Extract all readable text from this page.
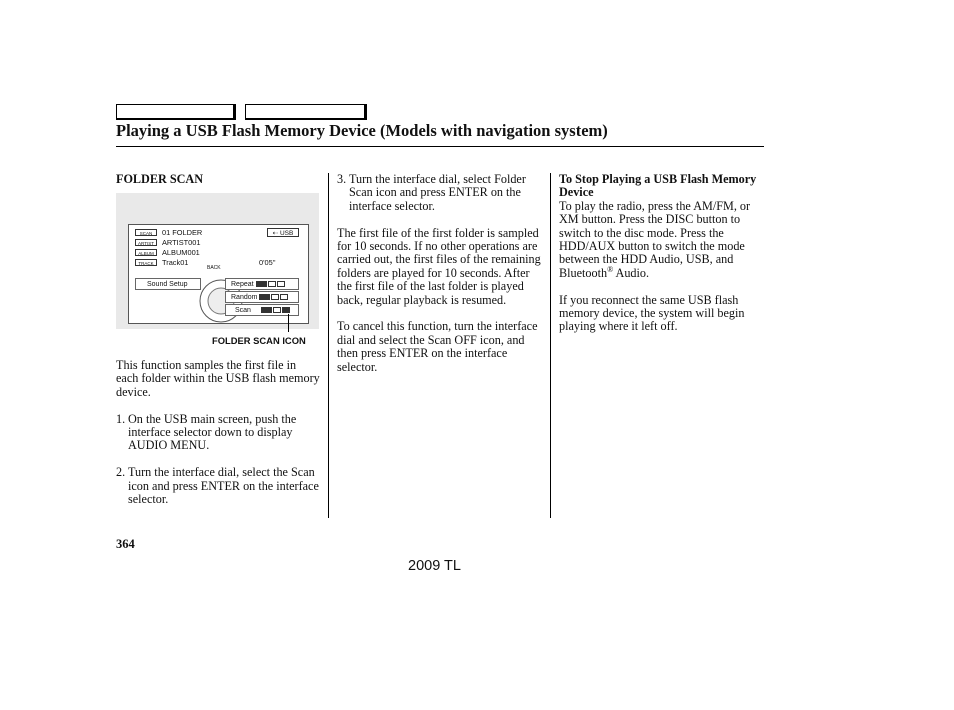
Playing a USB Flash Memory Device (Models with navigation system)
FOLDER SCAN
SCAN	01 FOLDER	⇠ USB
ARTIST	ARTIST001
ALBUM	ALBUM001
TRACK	Track01	0'05''
BACK
Sound Setup	Repeat
Random
Scan
FOLDER SCAN ICON

This function samples the first file in each folder within the USB flash memory device.

1. On the USB main screen, push the interface selector down to display AUDIO MENU.

2. Turn the interface dial, select the Scan icon and press ENTER on the interface selector.

3. Turn the interface dial, select Folder Scan icon and press ENTER on the interface selector.

The first file of the first folder is sampled for 10 seconds. If no other operations are carried out, the first files of the remaining folders are played for 10 seconds. After the first file of the last folder is played back, regular playback is resumed.

To cancel this function, turn the interface dial and select the Scan OFF icon, and then press ENTER on the interface selector.

To Stop Playing a USB Flash Memory Device

To play the radio, press the AM/FM, or XM button. Press the DISC button to switch to the disc mode. Press the HDD/AUX button to switch the mode between the HDD Audio, USB, and Bluetooth® Audio.

If you reconnect the same USB flash memory device, the system will begin playing where it left off.

364
2009 TL
